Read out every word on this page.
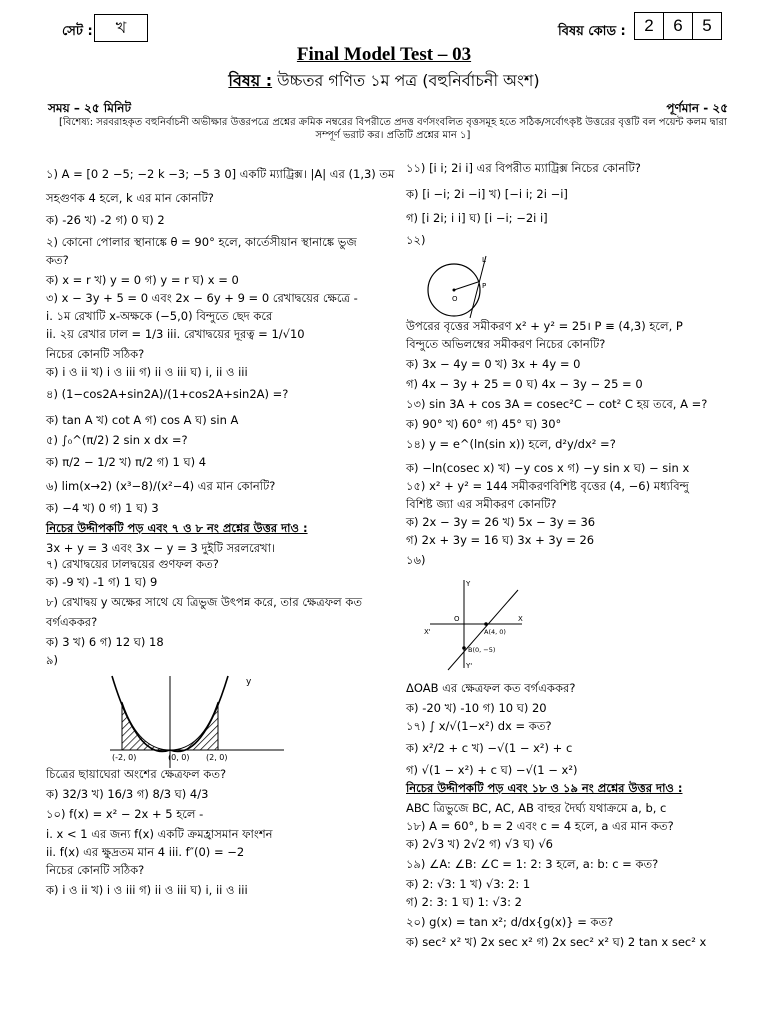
সেট :	খ	বিষয় কোড :	2	6	5
Final Model Test – 03
বিষয় : উচ্চতর গণিত ১ম পত্র (বহুনির্বাচনী অংশ)
সময় – ২৫ মিনিট	পূর্ণমান - ২৫
[বিশেষ্য: সরবরাহকৃত বহুনির্বাচনী অভীক্ষার উত্তরপত্রে প্রশ্নের ক্রমিক নম্বরের বিপরীতে প্রদত্ত বর্ণসংবলিত বৃত্তসমূহ হতে সঠিক/সর্বোৎকৃষ্ট উত্তরের বৃত্তটি বল পয়েন্ট কলম দ্বারা সম্পূর্ণ ভরাট কর। প্রতিটি প্রশ্নের মান ১]
১) A = [0 2 −5; −2 k −3; −5 3 0] একটি ম্যাট্রিক্স। |A| এর (1,3) তম
সহগুণক 4 হলে, k এর মান কোনটি?
ক) -26 খ) -2 গ) 0 ঘ) 2
২) কোনো পোলার স্থানাঙ্কে θ = 90° হলে, কার্তেসীয়ান স্থানাঙ্কে ভুজ
কত?
ক) x = r খ) y = 0 গ) y = r ঘ) x = 0
৩) x − 3y + 5 = 0 এবং 2x − 6y + 9 = 0 রেখাদ্বয়ের ক্ষেত্রে -
i. ১ম রেখাটি x-অক্ষকে (−5,0) বিন্দুতে ছেদ করে
ii. ২য় রেখার ঢাল = 1/3 iii. রেখাদ্বয়ের দূরত্ব = 1/√10
নিচের কোনটি সঠিক?
ক) i ও ii খ) i ও iii গ) ii ও iii ঘ) i, ii ও iii
৪) (1−cos2A+sin2A)/(1+cos2A+sin2A) =?
ক) tan A খ) cot A গ) cos A ঘ) sin A
৫) ∫₀^(π/2) 2 sin x dx =?
ক) π/2 − 1/2 খ) π/2 গ) 1 ঘ) 4
৬) lim(x→2) (x³−8)/(x²−4) এর মান কোনটি?
ক) −4 খ) 0 গ) 1 ঘ) 3
নিচের উদ্দীপকটি পড় এবং ৭ ও ৮ নং প্রশ্নের উত্তর দাও :
3x + y = 3 এবং 3x − y = 3 দুইটি সরলরেখা।
৭) রেখাদ্বয়ের ঢালদ্বয়ের গুণফল কত?
ক) -9 খ) -1 গ) 1 ঘ) 9
৮) রেখাদ্বয় y অক্ষের সাথে যে ত্রিভুজ উৎপন্ন করে, তার ক্ষেত্রফল কত
বর্গএককর?
ক) 3 খ) 6 গ) 12 ঘ) 18
৯)
চিত্রের ছায়াঘেরা অংশের ক্ষেত্রফল কত?
ক) 32/3 খ) 16/3 গ) 8/3 ঘ) 4/3
১০) f(x) = x² − 2x + 5 হলে -
i. x < 1 এর জন্য f(x) একটি ক্রমহ্রাসমান ফাংশন
ii. f(x) এর ক্ষুদ্রতম মান 4 iii. f″(0) = −2
নিচের কোনটি সঠিক?
ক) i ও ii খ) i ও iii গ) ii ও iii ঘ) i, ii ও iii
১১) [i i; 2i i] এর বিপরীত ম্যাট্রিক্স নিচের কোনটি?
ক) [i −i; 2i −i] খ) [−i i; 2i −i]
গ) [i 2i; i i] ঘ) [i −i; −2i i]
১২)
উপরের বৃত্তের সমীকরণ x² + y² = 25। P ≡ (4,3) হলে, P
বিন্দুতে অভিলম্বের সমীকরণ নিচের কোনটি?
ক) 3x − 4y = 0 খ) 3x + 4y = 0
গ) 4x − 3y + 25 = 0 ঘ) 4x − 3y − 25 = 0
১৩) sin 3A + cos 3A = cosec²C − cot² C হয় তবে, A =?
ক) 90° খ) 60° গ) 45° ঘ) 30°
১৪) y = e^(ln(sin x)) হলে, d²y/dx² =?
ক) −ln(cosec x) খ) −y cos x গ) −y sin x ঘ) − sin x
১৫) x² + y² = 144 সমীকরণবিশিষ্ট বৃত্তের (4, −6) মধ্যবিন্দু
বিশিষ্ট জ্যা এর সমীকরণ কোনটি?
ক) 2x − 3y = 26 খ) 5x − 3y = 36
গ) 2x + 3y = 16 ঘ) 3x + 3y = 26
১৬)
ΔOAB এর ক্ষেত্রফল কত বর্গএককর?
ক) -20 খ) -10 গ) 10 ঘ) 20
১৭) ∫ x/√(1−x²) dx = কত?
ক) x²/2 + c খ) −√(1 − x²) + c
গ) √(1 − x²) + c ঘ) −√(1 − x²)
নিচের উদ্দীপকটি পড় এবং ১৮ ও ১৯ নং প্রশ্নের উত্তর দাও :
ABC ত্রিভুজে BC, AC, AB বাহুর দৈর্ঘ্য যথাক্রমে a, b, c
১৮) A = 60°, b = 2 এবং c = 4 হলে, a এর মান কত?
ক) 2√3 খ) 2√2 গ) √3 ঘ) √6
১৯) ∠A: ∠B: ∠C = 1: 2: 3 হলে, a: b: c = কত?
ক) 2: √3: 1 খ) √3: 2: 1
গ) 2: 3: 1 ঘ) 1: √3: 2
২০) g(x) = tan x²; d/dx{g(x)} = কত?
ক) sec² x² খ) 2x sec x² গ) 2x sec² x² ঘ) 2 tan x sec² x
y
(-2, 0)	(0, 0) (2, 0)
O
P
L
Y
X'
O	X
A(4, 0)
B(0, −5)
Y'
